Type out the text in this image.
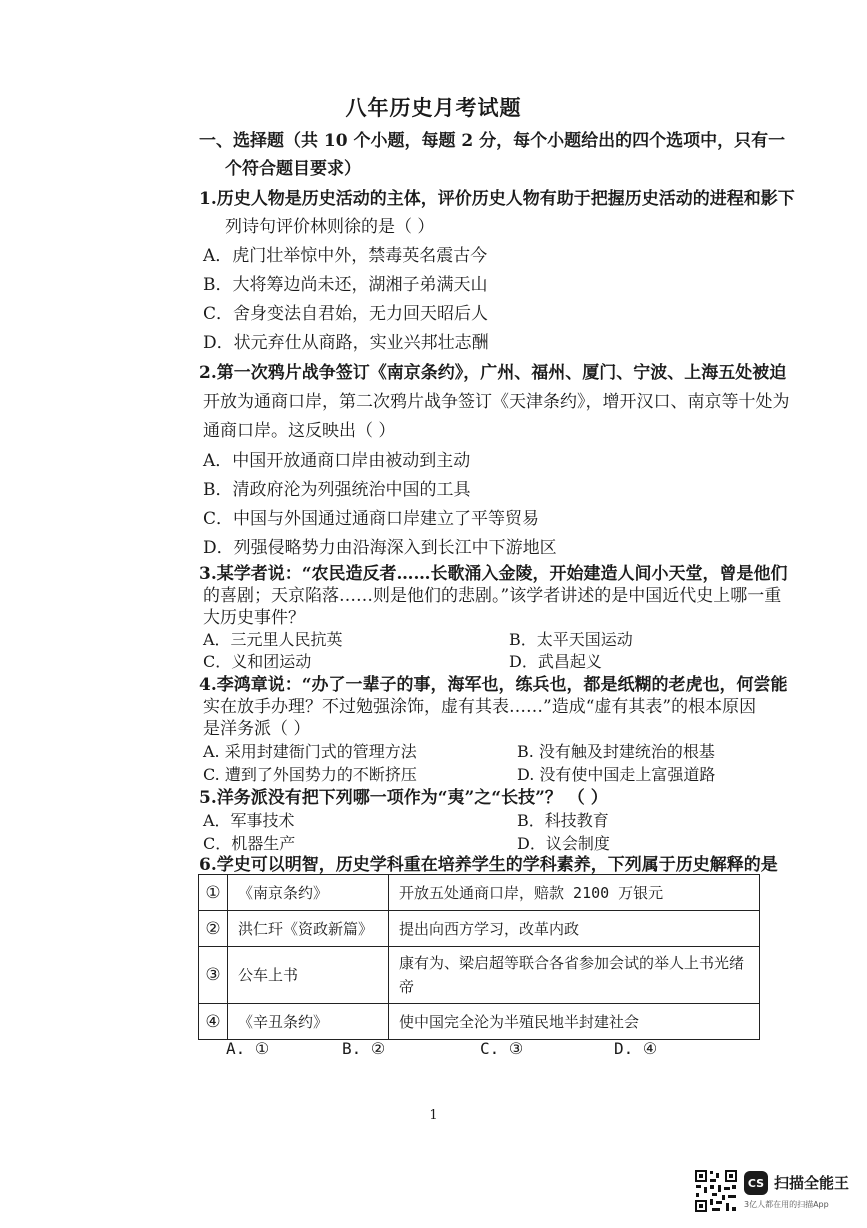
八年历史月考试题
一、选择题（共 10 个小题，每题 2 分，每个小题给出的四个选项中，只有一
个符合题目要求）
1.历史人物是历史活动的主体，评价历史人物有助于把握历史活动的进程和影下
列诗句评价林则徐的是（ ）
A．虎门壮举惊中外，禁毒英名震古今
B．大将筹边尚未还，湖湘子弟满天山
C．舍身变法自君始，无力回天昭后人
D．状元弃仕从商路，实业兴邦壮志酬
2.第一次鸦片战争签订《南京条约》，广州、福州、厦门、宁波、上海五处被迫
开放为通商口岸，第二次鸦片战争签订《天津条约》，增开汉口、南京等十处为
通商口岸。这反映出（ ）
A．中国开放通商口岸由被动到主动
B．清政府沦为列强统治中国的工具
C．中国与外国通过通商口岸建立了平等贸易
D．列强侵略势力由沿海深入到长江中下游地区
3.某学者说：“农民造反者……长歌涌入金陵，开始建造人间小天堂，曾是他们
的喜剧；天京陷落……则是他们的悲剧。”该学者讲述的是中国近代史上哪一重
大历史事件？
A．三元里人民抗英	B．太平天国运动
C．义和团运动	D．武昌起义
4.李鸿章说：“办了一辈子的事，海军也，练兵也，都是纸糊的老虎也，何尝能
实在放手办理？不过勉强涂饰，虚有其表……”造成“虚有其表”的根本原因
是洋务派（ ）
A. 采用封建衙门式的管理方法	B. 没有触及封建统治的根基
C. 遭到了外国势力的不断挤压	D. 没有使中国走上富强道路
5.洋务派没有把下列哪一项作为“夷”之“长技”？ （ ）
A．军事技术	B．科技教育
C．机器生产	D．议会制度
6.学史可以明智，历史学科重在培养学生的学科素养，下列属于历史解释的是
①	《南京条约》	开放五处通商口岸，赔款 2100 万银元
②	洪仁玕《资政新篇》	提出向西方学习，改革内政
③	公车上书	康有为、梁启超等联合各省参加会试的举人上书光绪帝
④	《辛丑条约》	使中国完全沦为半殖民地半封建社会
A. ①	B. ②	C. ③	D. ④
1
CS 扫描全能王
3亿人都在用的扫描App
